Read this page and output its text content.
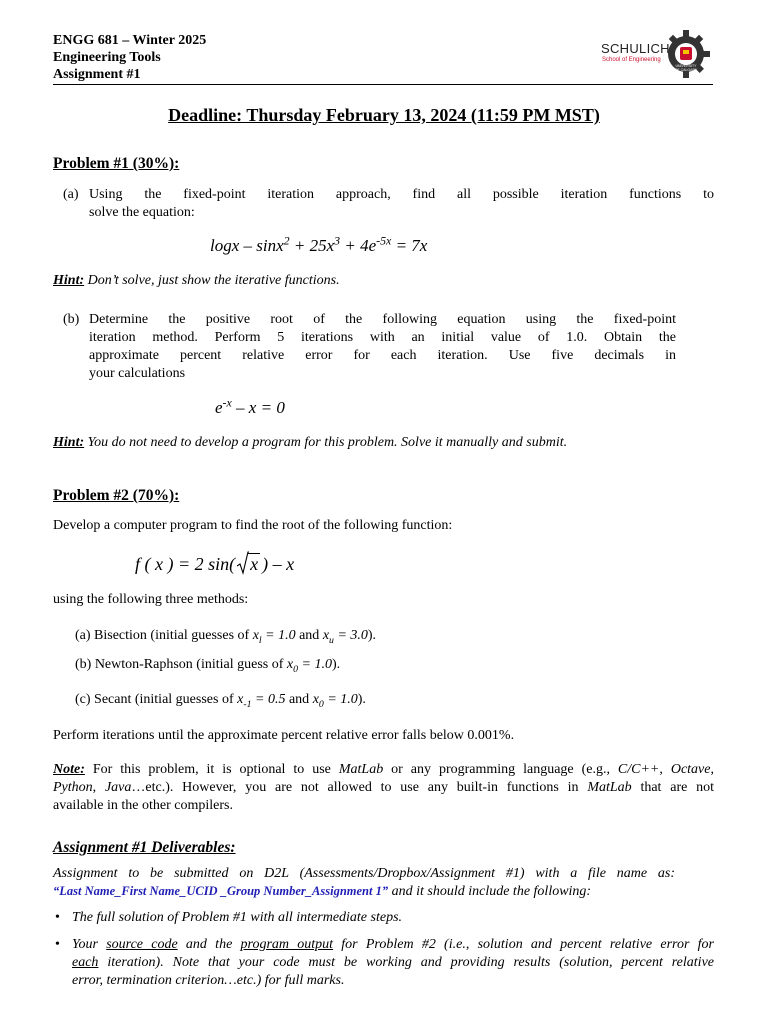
ENGG 681 – Winter 2025
Engineering Tools
Assignment #1
SCHULICH
School of Engineering
UNIVERSITY OF CALGARY
Deadline: Thursday February 13, 2024 (11:59 PM MST)
Problem #1 (30%):
(a) Using the fixed-point iteration approach, find all possible iteration functions to
solve the equation:
$\log x - \sin x^2 + 25x^3 + 4e^{-5x} = 7x$
Hint: Don’t solve, just show the iterative functions.
(b) Determine the positive root of the following equation using the fixed-point
iteration method. Perform 5 iterations with an initial value of 1.0. Obtain the
approximate percent relative error for each iteration. Use five decimals in
your calculations
$e^{-x} - x = 0$
Hint: You do not need to develop a program for this problem. Solve it manually and submit.
Problem #2 (70%):
Develop a computer program to find the root of the following function:
f ( x ) = 2 sin( x ) – x
using the following three methods:
(a) Bisection (initial guesses of $x_l = 1.0$ and $x_u = 3.0$).
(b) Newton-Raphson (initial guess of $x_0 = 1.0$).
(c) Secant (initial guesses of $x_{-1} = 0.5$ and $x_0 = 1.0$).
Perform iterations until the approximate percent relative error falls below 0.001%.
Note: For this problem, it is optional to use MatLab or any programming language (e.g., C/C++, Octave,
Python, Java…etc.). However, you are not allowed to use any built-in functions in MatLab that are not
available in the other compilers.
Assignment #1 Deliverables:
Assignment to be submitted on D2L (Assessments/Dropbox/Assignment #1) with a file name as:
“Last Name_First Name_UCID _Group Number_Assignment 1” and it should include the following:
• The full solution of Problem #1 with all intermediate steps.
• Your source code and the program output for Problem #2 (i.e., solution and percent relative error for
each iteration). Note that your code must be working and providing results (solution, percent relative
error, termination criterion…etc.) for full marks.
